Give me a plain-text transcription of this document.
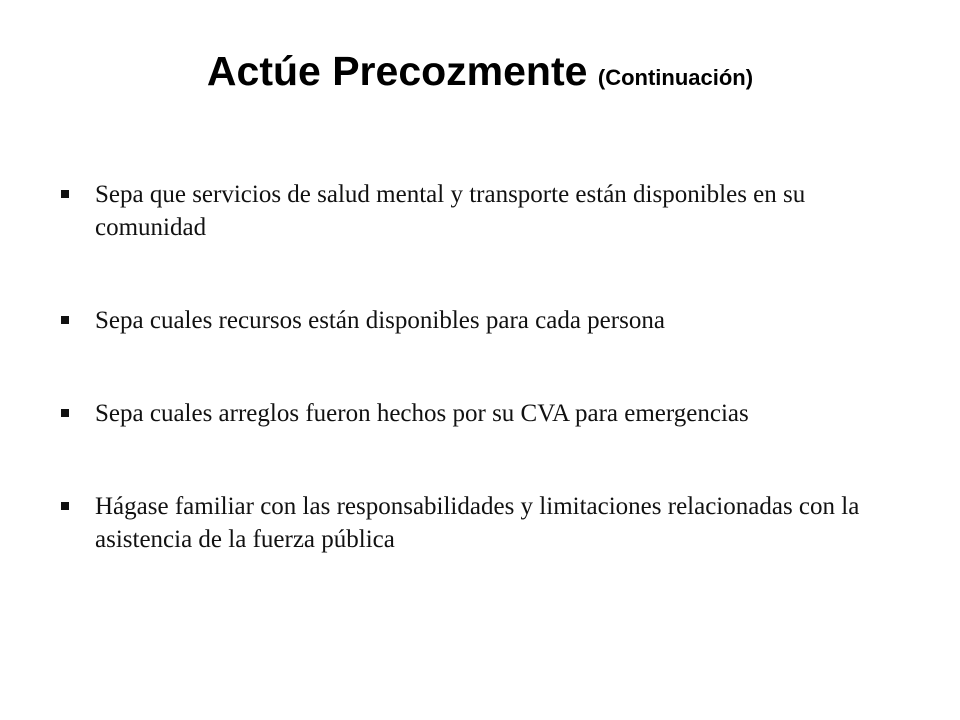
Actúe Precozmente (Continuación)
Sepa que servicios de salud mental y transporte están disponibles en su comunidad
Sepa cuales recursos están disponibles para cada persona
Sepa cuales arreglos fueron hechos por su CVA para emergencias
Hágase familiar con las responsabilidades y limitaciones relacionadas con la asistencia de la fuerza pública
